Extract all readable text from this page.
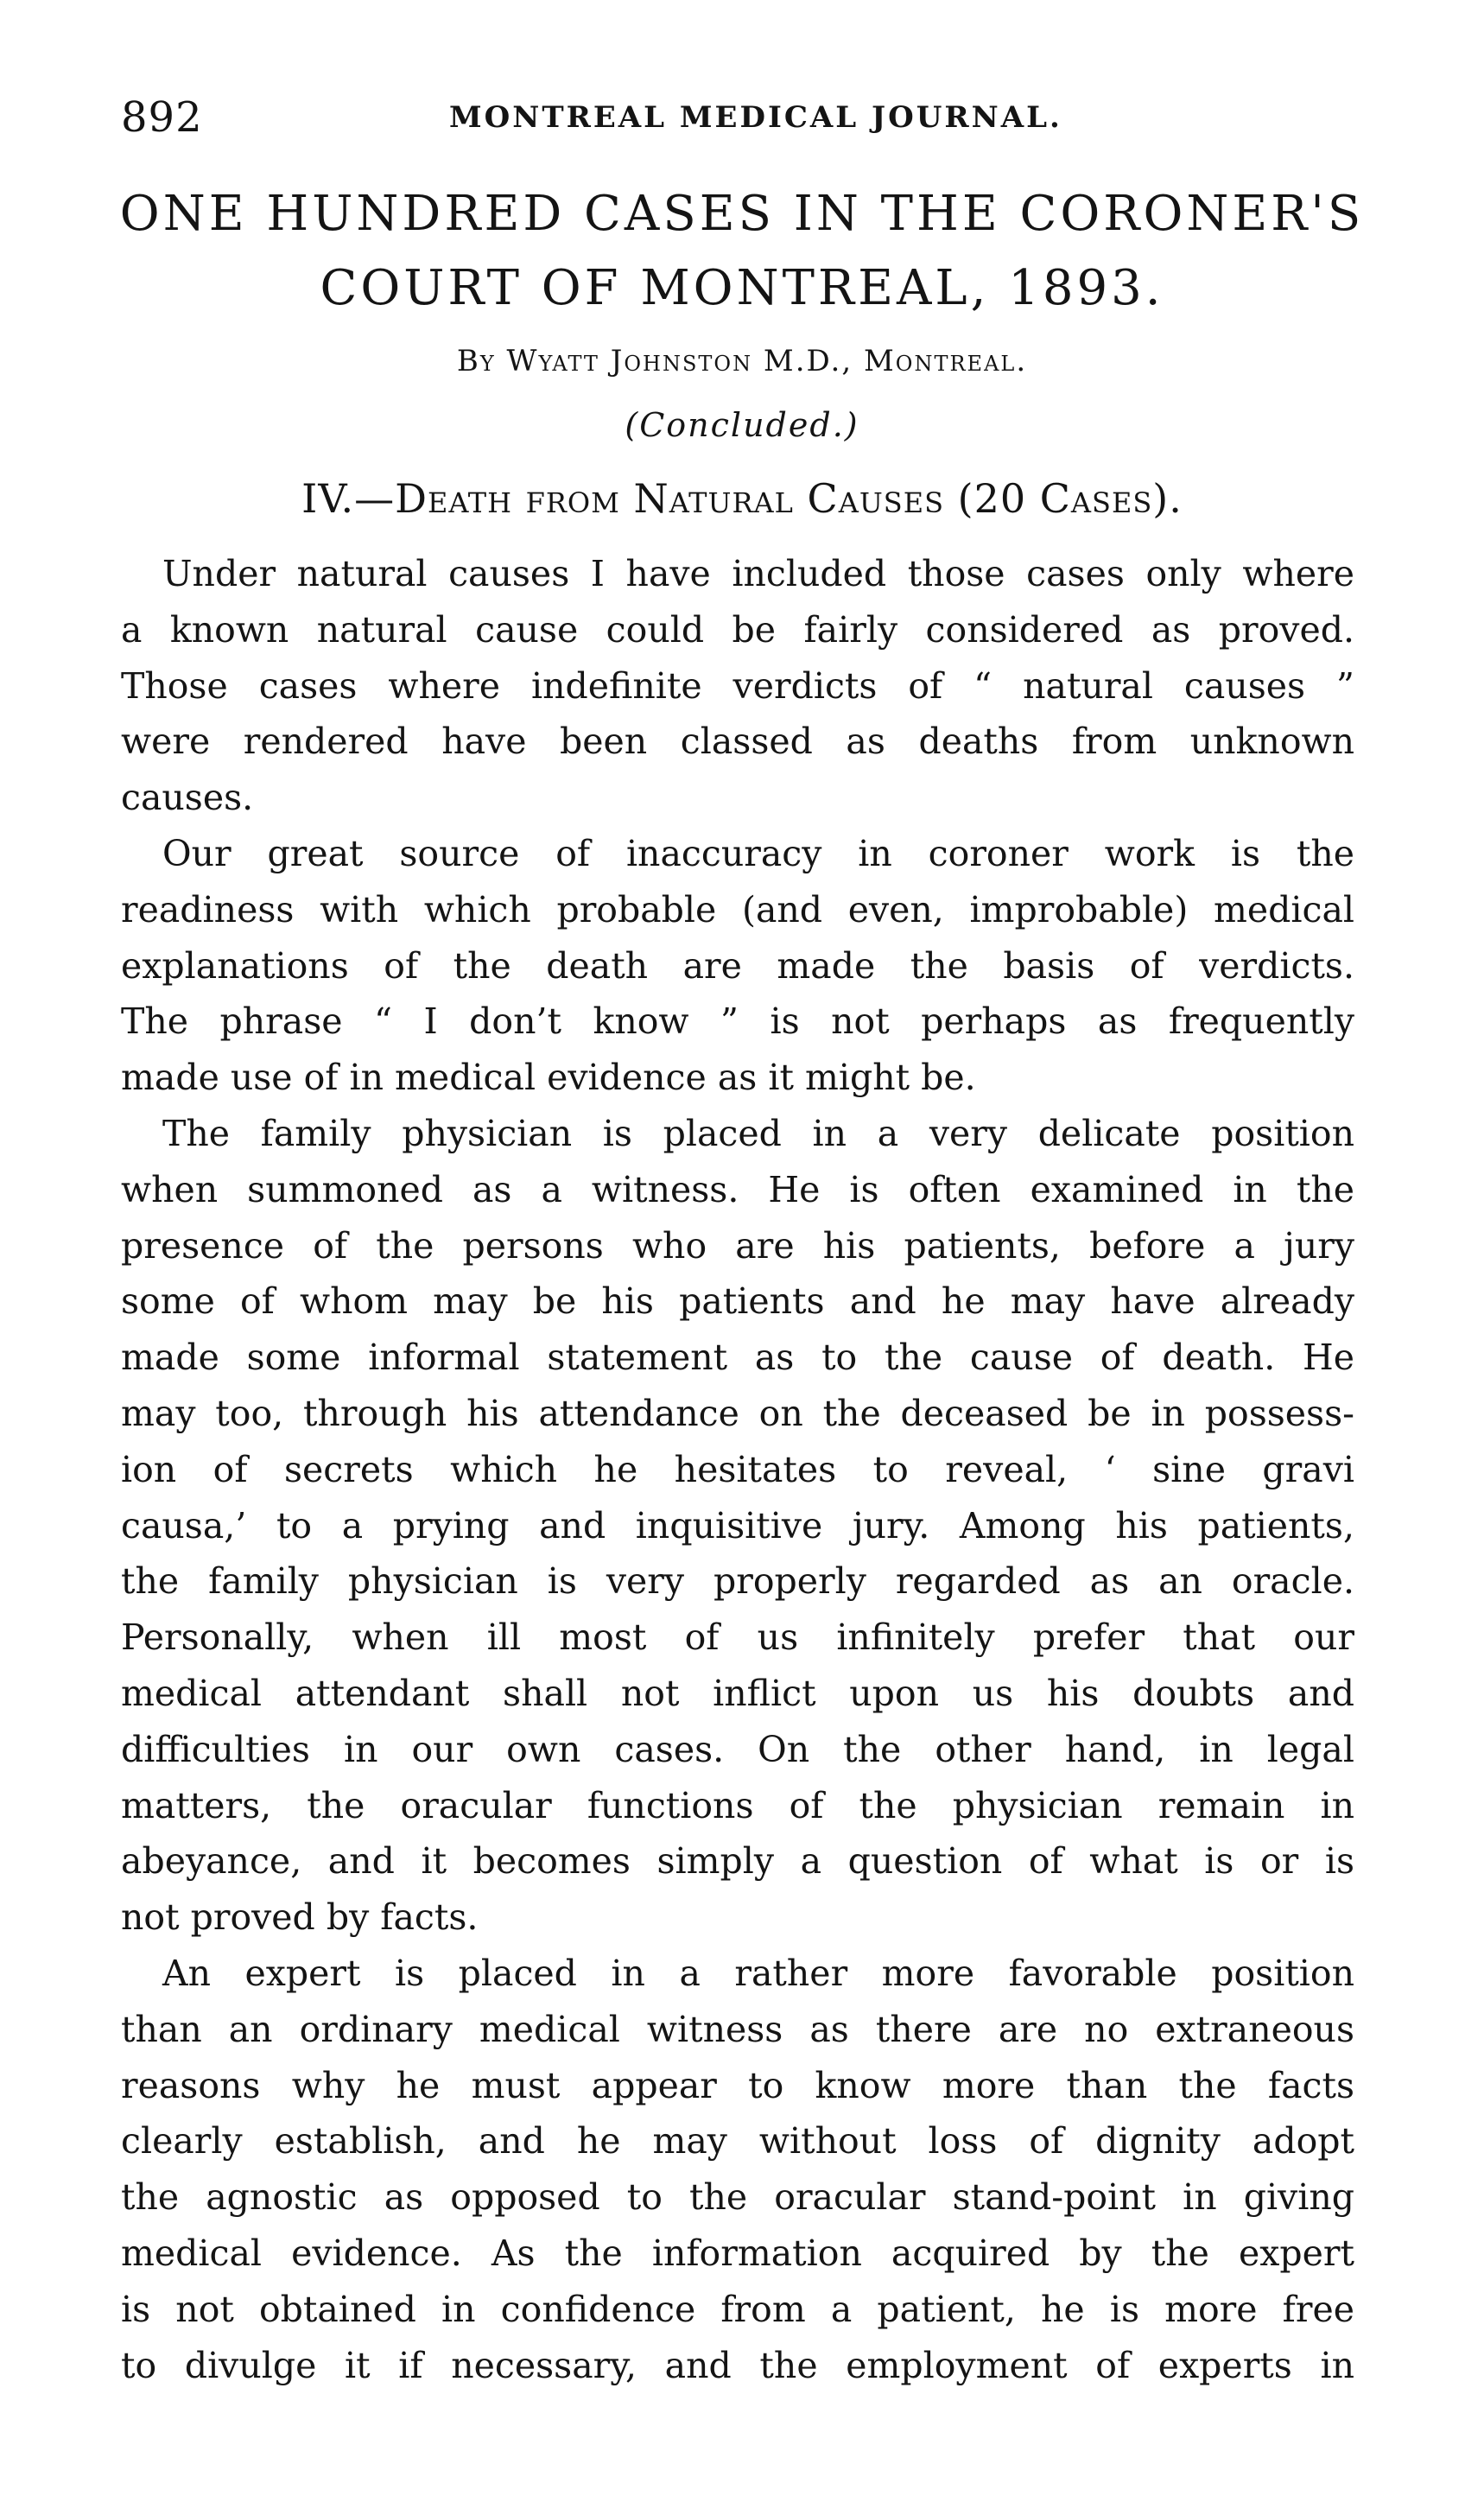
892	MONTREAL MEDICAL JOURNAL.
ONE HUNDRED CASES IN THE CORONER'S
COURT OF MONTREAL, 1893.
By Wyatt Johnston M.D., Montreal.
(Concluded.)
IV.—Death from Natural Causes (20 Cases).
Under natural causes I have included those cases only where
a known natural cause could be fairly considered as proved.
Those cases where indefinite verdicts of “ natural causes ”
were rendered have been classed as deaths from unknown
causes.
Our great source of inaccuracy in coroner work is the
readiness with which probable (and even, improbable) medical
explanations of the death are made the basis of verdicts.
The phrase “ I don’t know ” is not perhaps as frequently
made use of in medical evidence as it might be.
The family physician is placed in a very delicate position
when summoned as a witness. He is often examined in the
presence of the persons who are his patients, before a jury
some of whom may be his patients and he may have already
made some informal statement as to the cause of death. He
may too, through his attendance on the deceased be in possess-
ion of secrets which he hesitates to reveal, ‘ sine gravi
causa,’ to a prying and inquisitive jury. Among his patients,
the family physician is very properly regarded as an oracle.
Personally, when ill most of us infinitely prefer that our
medical attendant shall not inflict upon us his doubts and
difficulties in our own cases. On the other hand, in legal
matters, the oracular functions of the physician remain in
abeyance, and it becomes simply a question of what is or is
not proved by facts.
An expert is placed in a rather more favorable position
than an ordinary medical witness as there are no extraneous
reasons why he must appear to know more than the facts
clearly establish, and he may without loss of dignity adopt
the agnostic as opposed to the oracular stand-point in giving
medical evidence. As the information acquired by the expert
is not obtained in confidence from a patient, he is more free
to divulge it if necessary, and the employment of experts in
